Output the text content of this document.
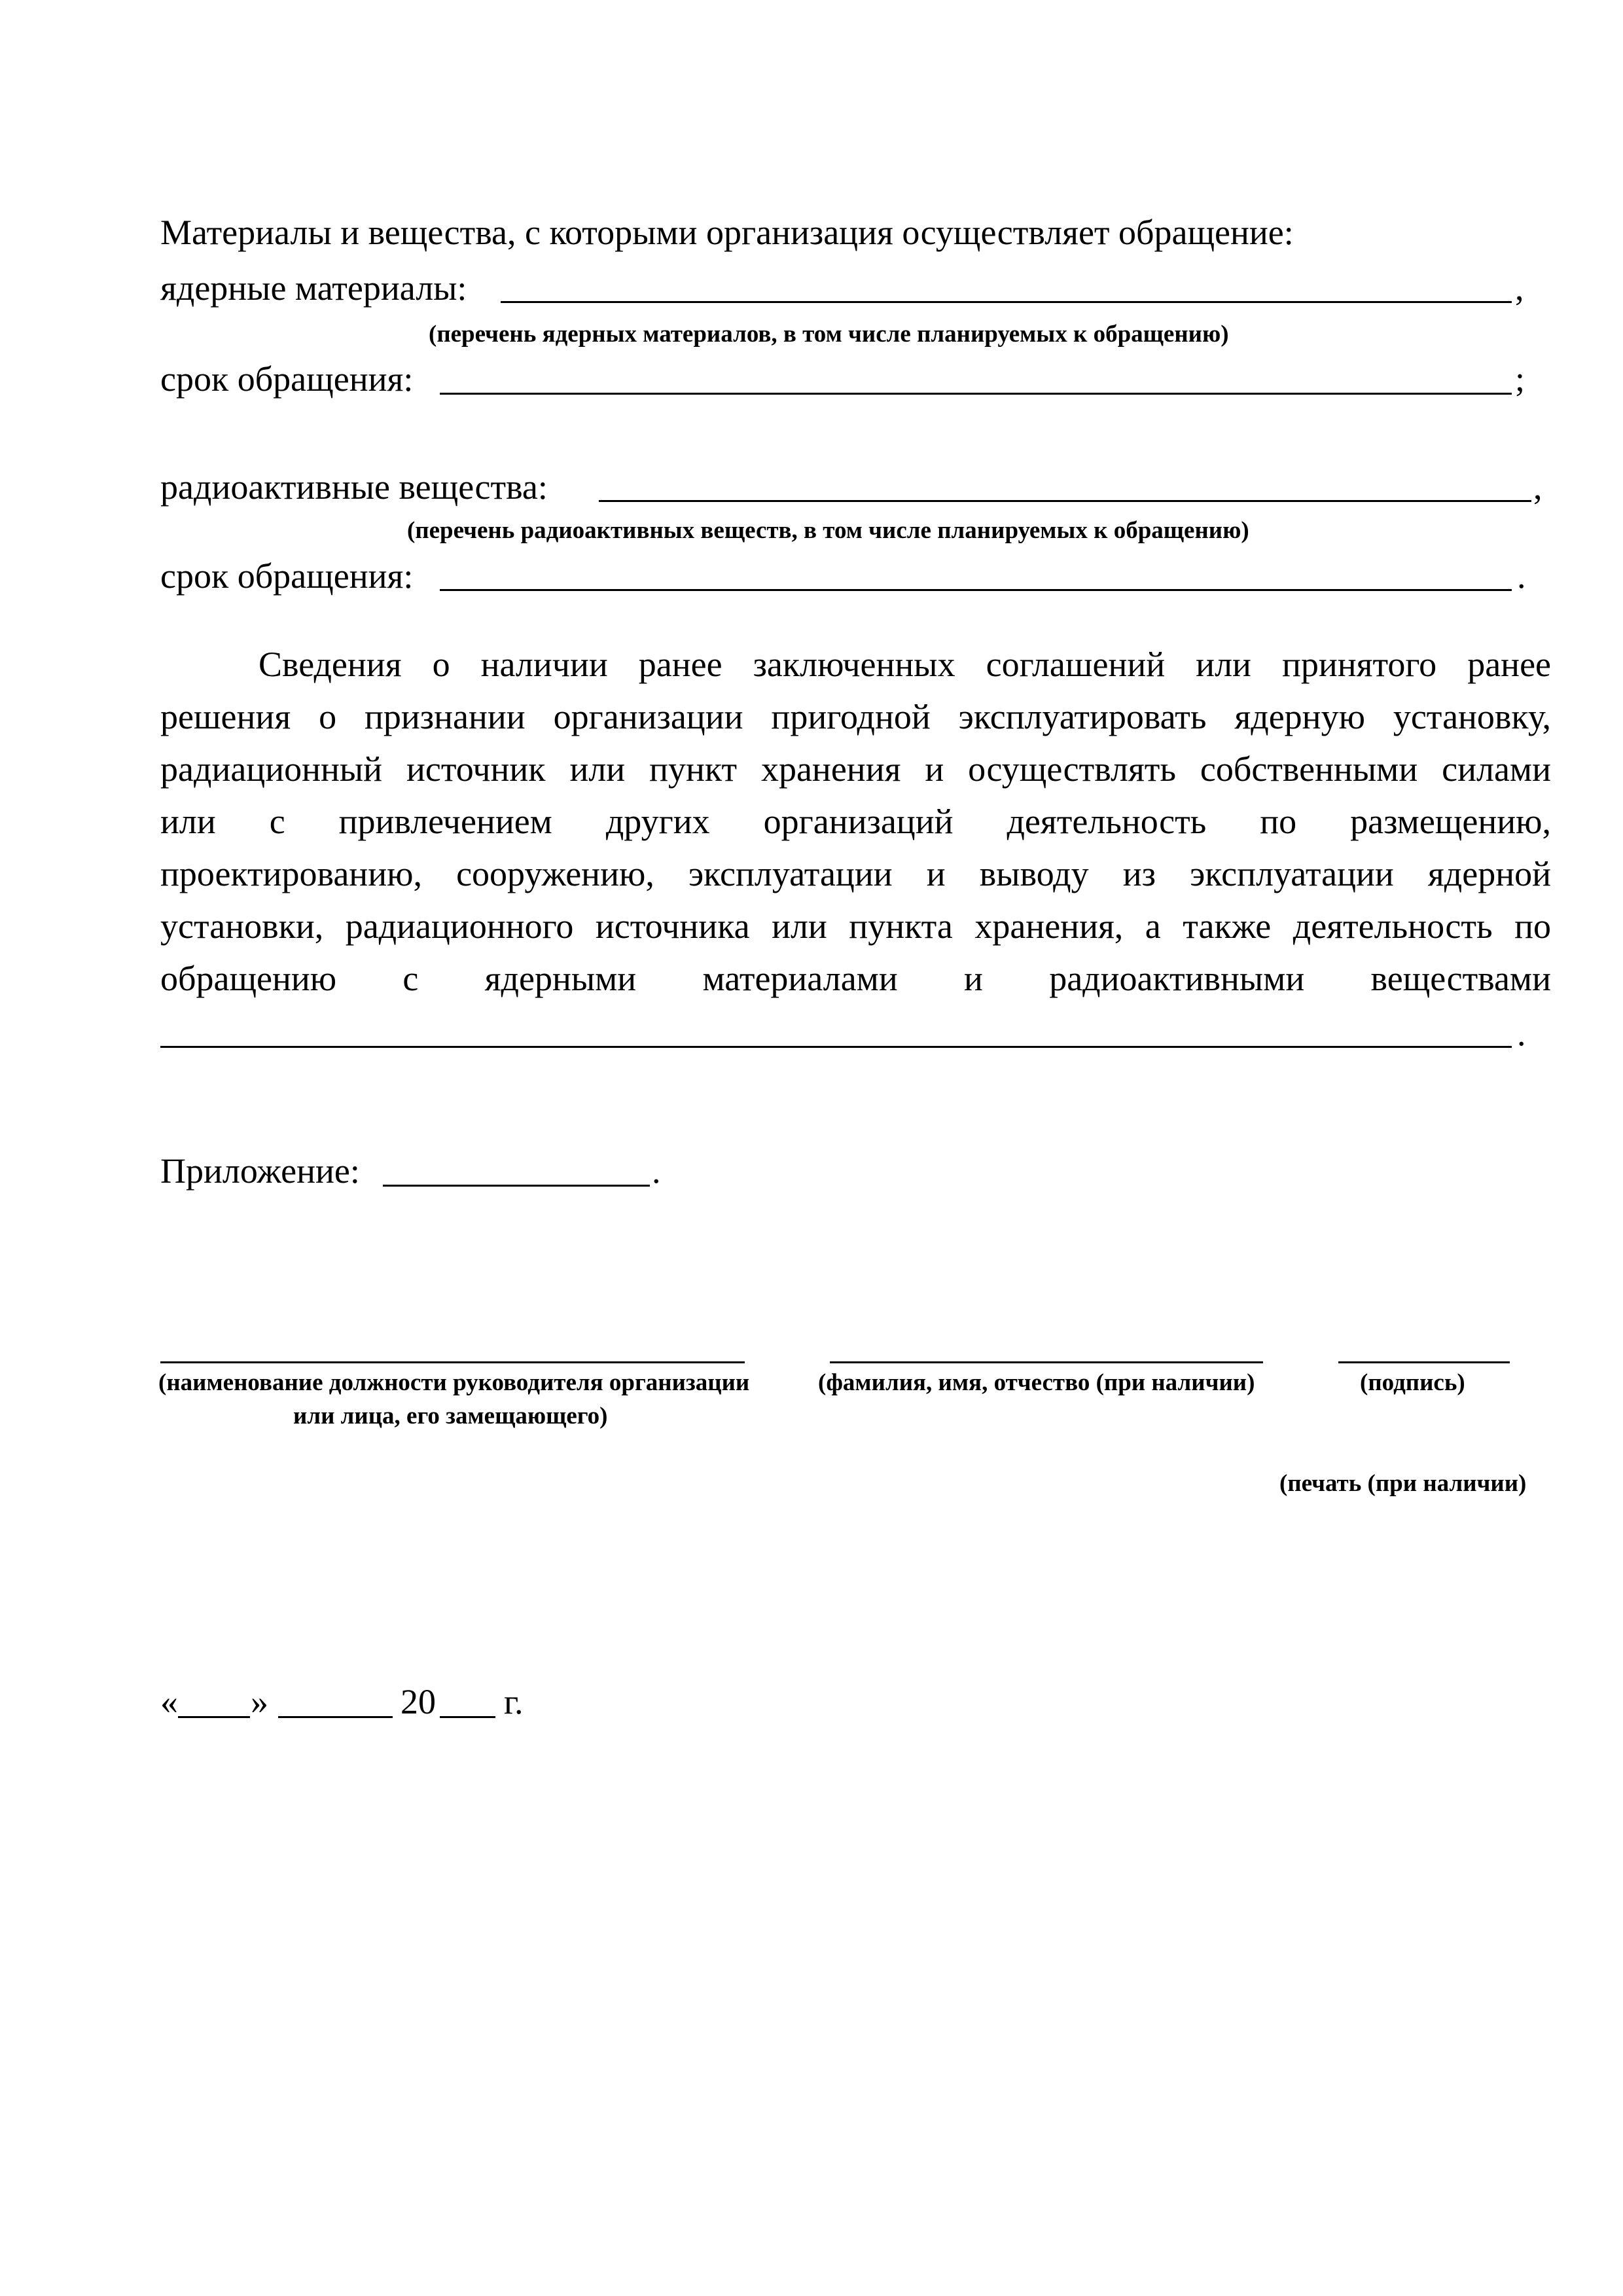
Материалы и вещества, с которыми организация осуществляет обращение:
ядерные материалы:	,
(перечень ядерных материалов, в том числе планируемых к обращению)
срок обращения:	;
радиоактивные вещества:	,
(перечень радиоактивных веществ, в том числе планируемых к обращению)
срок обращения:	.
Сведения о наличии ранее заключенных соглашений или принятого ранее
решения о признании организации пригодной эксплуатировать ядерную установку,
радиационный источник или пункт хранения и осуществлять собственными силами
или с привлечением других организаций деятельность по размещению,
проектированию, сооружению, эксплуатации и выводу из эксплуатации ядерной
установки, радиационного источника или пункта хранения, а также деятельность по
обращению с ядерными материалами и радиоактивными веществами
.
Приложение:	.
(наименование должности руководителя организации
или лица, его замещающего)
(фамилия, имя, отчество (при наличии)	(подпись)
(печать (при наличии)
« »	20 г.
